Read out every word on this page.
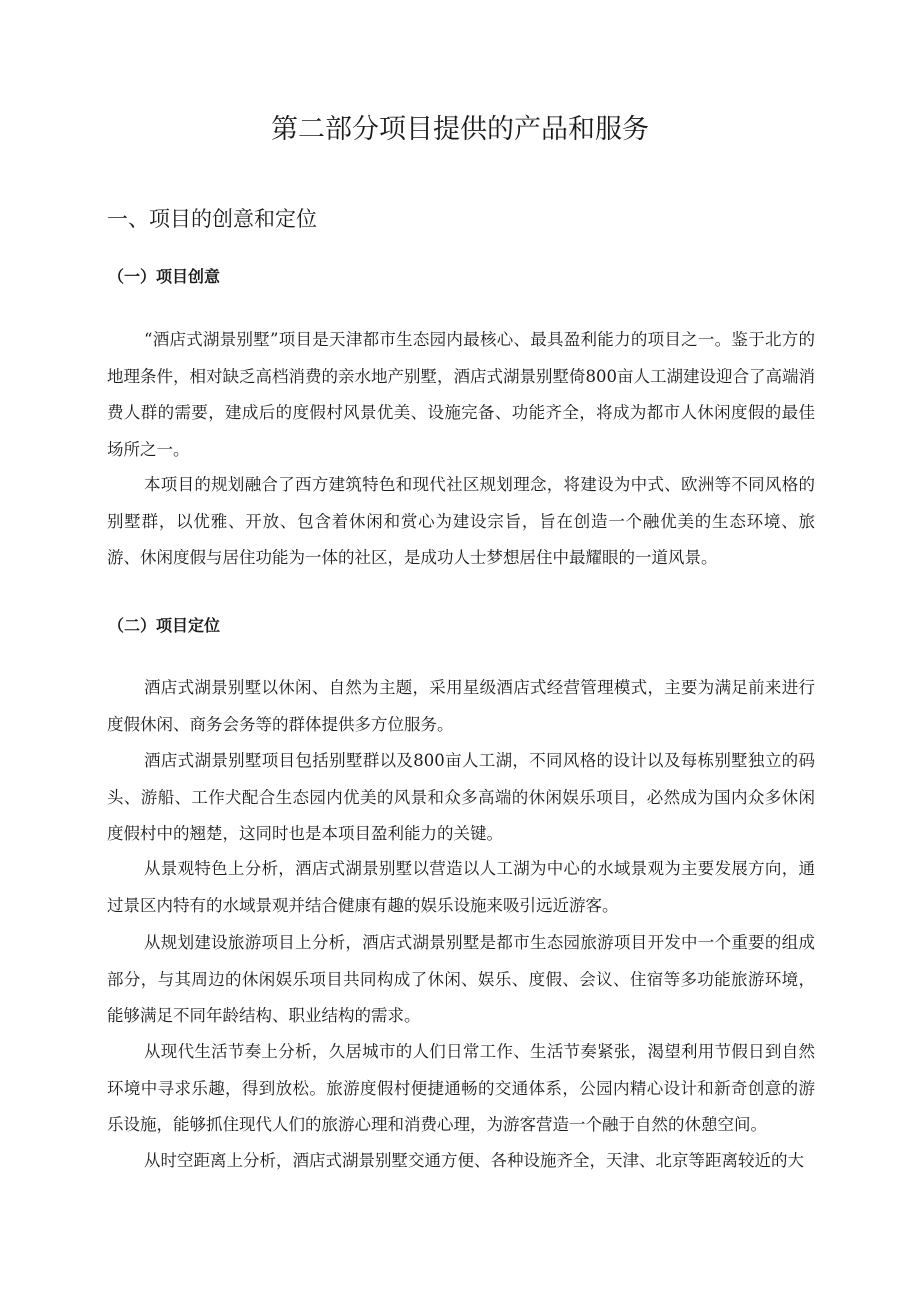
第二部分项目提供的产品和服务
一、项目的创意和定位
（一）项目创意

“酒店式湖景别墅”项目是天津都市生态园内最核心、最具盈利能力的项目之一。鉴于北方的地理条件，相对缺乏高档消费的亲水地产别墅，酒店式湖景别墅倚800亩人工湖建设迎合了高端消费人群的需要，建成后的度假村风景优美、设施完备、功能齐全，将成为都市人休闲度假的最佳场所之一。

本项目的规划融合了西方建筑特色和现代社区规划理念，将建设为中式、欧洲等不同风格的别墅群，以优雅、开放、包含着休闲和赏心为建设宗旨，旨在创造一个融优美的生态环境、旅游、休闲度假与居住功能为一体的社区，是成功人士梦想居住中最耀眼的一道风景。

（二）项目定位

酒店式湖景别墅以休闲、自然为主题，采用星级酒店式经营管理模式，主要为满足前来进行度假休闲、商务会务等的群体提供多方位服务。

酒店式湖景别墅项目包括别墅群以及800亩人工湖，不同风格的设计以及每栋别墅独立的码头、游船、工作犬配合生态园内优美的风景和众多高端的休闲娱乐项目，必然成为国内众多休闲度假村中的翘楚，这同时也是本项目盈利能力的关键。

从景观特色上分析，酒店式湖景别墅以营造以人工湖为中心的水域景观为主要发展方向，通过景区内特有的水域景观并结合健康有趣的娱乐设施来吸引远近游客。

从规划建设旅游项目上分析，酒店式湖景别墅是都市生态园旅游项目开发中一个重要的组成部分，与其周边的休闲娱乐项目共同构成了休闲、娱乐、度假、会议、住宿等多功能旅游环境，能够满足不同年龄结构、职业结构的需求。

从现代生活节奏上分析，久居城市的人们日常工作、生活节奏紧张，渴望利用节假日到自然环境中寻求乐趣，得到放松。旅游度假村便捷通畅的交通体系，公园内精心设计和新奇创意的游乐设施，能够抓住现代人们的旅游心理和消费心理，为游客营造一个融于自然的休憩空间。

从时空距离上分析，酒店式湖景别墅交通方便、各种设施齐全，天津、北京等距离较近的大
